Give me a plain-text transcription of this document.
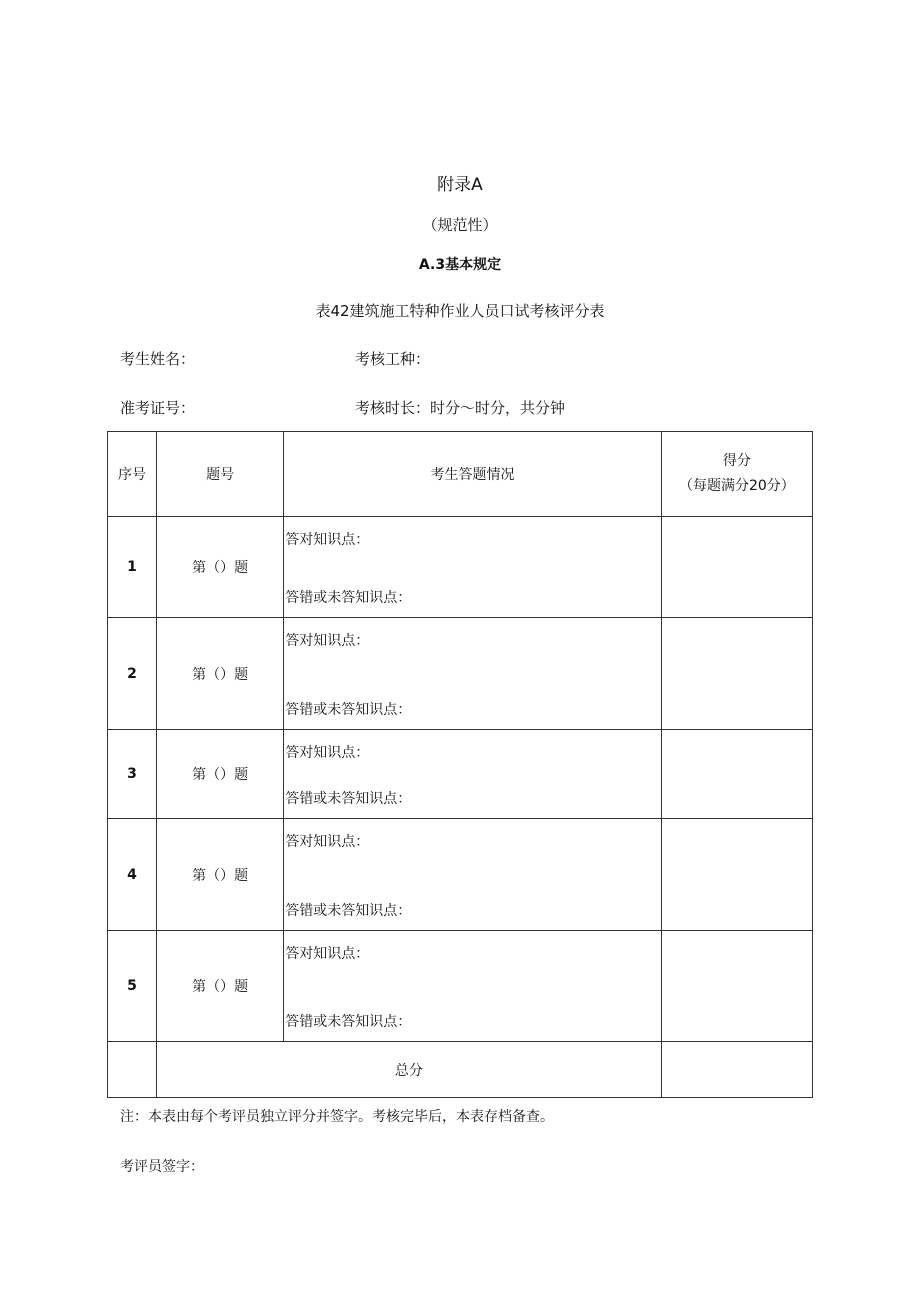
附录A
（规范性）
A.3基本规定
表42建筑施工特种作业人员口试考核评分表
考生姓名：	考核工种：
准考证号：	考核时长：时分〜时分，共分钟
序号	题号	考生答题情况	得分
（每题满分20分）

1	第（）题	答对知识点：
答错或未答知识点：	

2	第（）题	答对知识点：
答错或未答知识点：	

3	第（）题	答对知识点：
答错或未答知识点：	

4	第（）题	答对知识点：
答错或未答知识点：	

5	第（）题	答对知识点：
答错或未答知识点：	

	总分		
注：本表由每个考评员独立评分并签字。考核完毕后，本表存档备查。
考评员签字：
